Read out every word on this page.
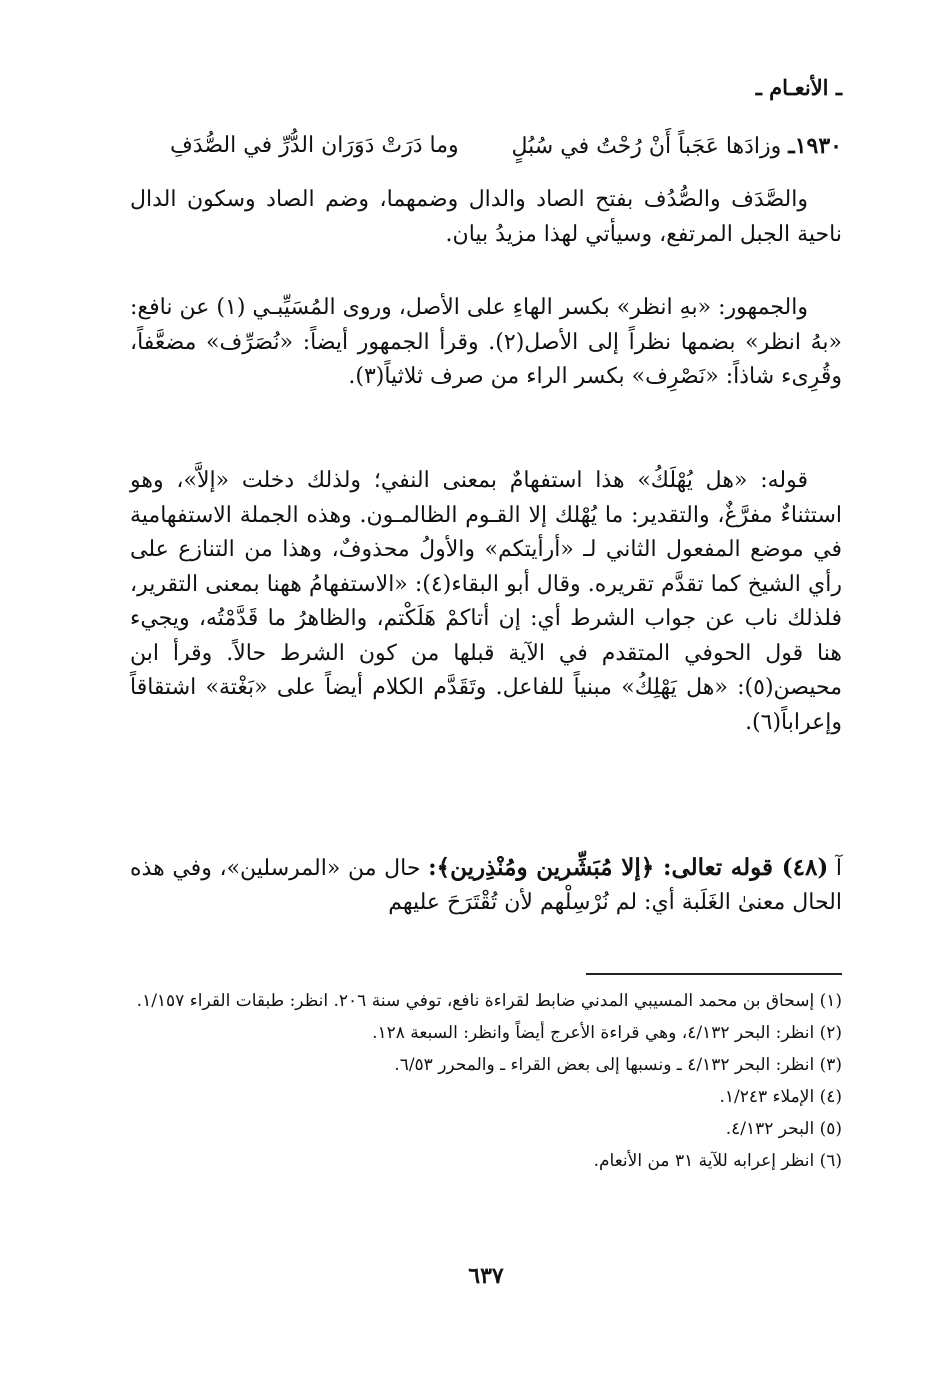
ـ الأنعـام ـ
١٩٣٠ـ وزادَها عَجَباً أَنْ رُحْتُ في سُبُلٍ
وما دَرَتْ دَوَرَان الدُّرِّ في الصُّدَفِ
والصَّدَف والصُّدُف بفتح الصاد والدال وضمهما، وضم الصاد وسكون الدال ناحية الجبل المرتفع، وسيأتي لهذا مزيدُ بيان.
والجمهور: «بهِ انظر» بكسر الهاءِ على الأصل، وروى المُسَيِّبـي (١) عن نافع: «بهُ انظر» بضمها نظراً إلى الأصل(٢). وقرأ الجمهور أيضاً: «نُصَرِّف» مضعَّفاً، وقُرِىء شاذاً: «نَصْرِف» بكسر الراء من صرف ثلاثياً(٣).
قوله: «هل يُهْلَكُ» هذا استفهامٌ بمعنى النفي؛ ولذلك دخلت «إلاَّ»، وهو استثناءٌ مفرَّغٌ، والتقدير: ما يُهْلك إلا القـوم الظالمـون. وهذه الجملة الاستفهامية في موضع المفعول الثاني لـ «أرأيتكم» والأولُ محذوفٌ، وهذا من التنازع على رأي الشيخ كما تقدَّم تقريره. وقال أبو البقاء(٤): «الاستفهامُ ههنا بمعنى التقرير، فلذلك ناب عن جواب الشرط أي: إن أتاكمْ هَلَكْتم، والظاهرُ ما قَدَّمْتُه، ويجيء هنا قول الحوفي المتقدم في الآية قبلها من كون الشرط حالاً. وقرأ ابن محيصن(٥): «هل يَهْلِكُ» مبنياً للفاعل. وتَقَدَّم الكلام أيضاً على «بَغْتة» اشتقاقاً وإعراباً(٦).
آ (٤٨) قوله تعالى: ﴿إلا مُبَشِّرين ومُنْذِرين﴾: حال من «المرسلين»، وفي هذه الحال معنىٰ الغَلَبة أي: لم نُرْسِلْهم لأن تُقْتَرَحَ عليهم
(١) إسحاق بن محمد المسيبي المدني ضابط لقراءة نافع، توفي سنة ٢٠٦. انظر: طبقات القراء ١/١٥٧.
(٢) انظر: البحر ٤/١٣٢، وهي قراءة الأعرج أيضاً وانظر: السبعة ١٢٨.
(٣) انظر: البحر ٤/١٣٢ ـ ونسبها إلى بعض القراء ـ والمحرر ٦/٥٣.
(٤) الإملاء ١/٢٤٣.
(٥) البحر ٤/١٣٢.
(٦) انظر إعرابه للآية ٣١ من الأنعام.
٦٣٧
